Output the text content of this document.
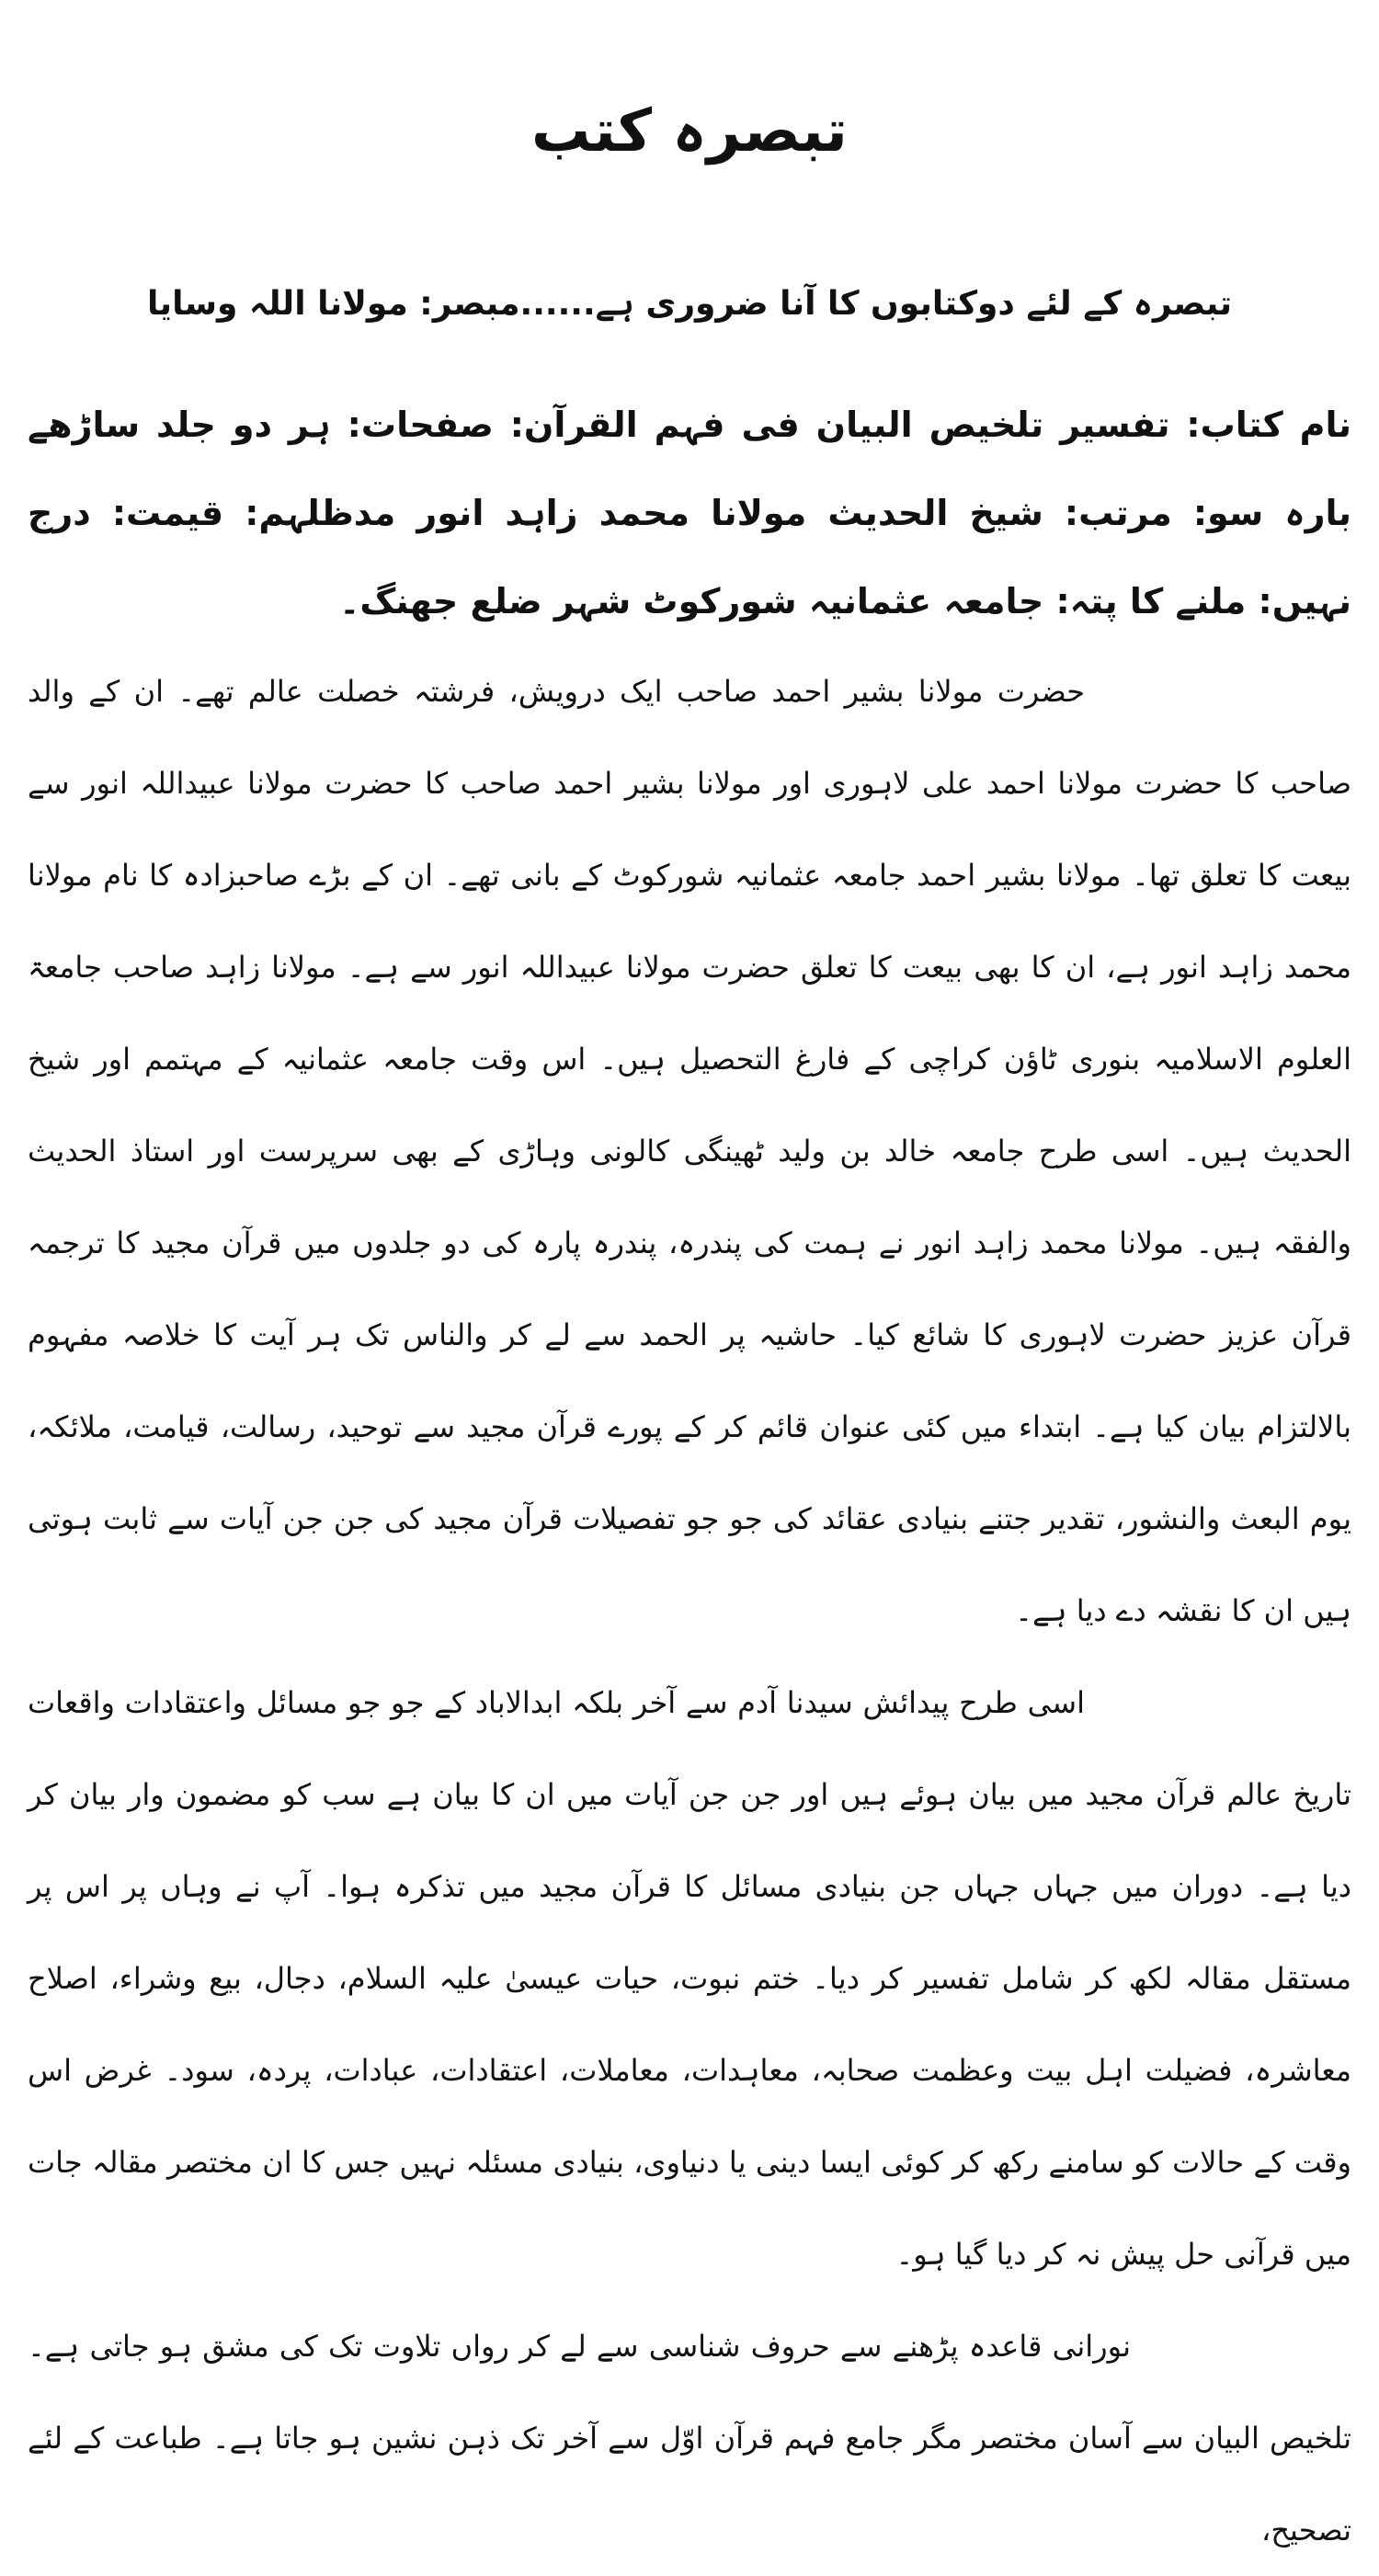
تبصرہ کتب
تبصرہ کے لئے دوکتابوں کا آنا ضروری ہے......مبصر: مولانا اللہ وسایا

نام کتاب: تفسیر تلخیص البیان فی فہم القرآن: صفحات: ہر دو جلد ساڑھے بارہ سو: مرتب: شیخ الحدیث مولانا محمد زاہد انور مدظلہم: قیمت: درج نہیں: ملنے کا پتہ: جامعہ عثمانیہ شورکوٹ شہر ضلع جھنگ۔

حضرت مولانا بشیر احمد صاحب ایک درویش، فرشتہ خصلت عالم تھے۔ ان کے والد صاحب کا حضرت مولانا احمد علی لاہوری اور مولانا بشیر احمد صاحب کا حضرت مولانا عبیداللہ انور سے بیعت کا تعلق تھا۔ مولانا بشیر احمد جامعہ عثمانیہ شورکوٹ کے بانی تھے۔ ان کے بڑے صاحبزادہ کا نام مولانا محمد زاہد انور ہے، ان کا بھی بیعت کا تعلق حضرت مولانا عبیداللہ انور سے ہے۔ مولانا زاہد صاحب جامعۃ العلوم الاسلامیہ بنوری ٹاؤن کراچی کے فارغ التحصیل ہیں۔ اس وقت جامعہ عثمانیہ کے مہتمم اور شیخ الحدیث ہیں۔ اسی طرح جامعہ خالد بن ولید ٹھینگی کالونی وہاڑی کے بھی سرپرست اور استاذ الحدیث والفقہ ہیں۔ مولانا محمد زاہد انور نے ہمت کی پندرہ، پندرہ پارہ کی دو جلدوں میں قرآن مجید کا ترجمہ قرآن عزیز حضرت لاہوری کا شائع کیا۔ حاشیہ پر الحمد سے لے کر والناس تک ہر آیت کا خلاصہ مفہوم بالالتزام بیان کیا ہے۔ ابتداء میں کئی عنوان قائم کر کے پورے قرآن مجید سے توحید، رسالت، قیامت، ملائکہ، یوم البعث والنشور، تقدیر جتنے بنیادی عقائد کی جو جو تفصیلات قرآن مجید کی جن جن آیات سے ثابت ہوتی ہیں ان کا نقشہ دے دیا ہے۔

اسی طرح پیدائش سیدنا آدم سے آخر بلکہ ابدالاباد کے جو جو مسائل واعتقادات واقعات تاریخ عالم قرآن مجید میں بیان ہوئے ہیں اور جن جن آیات میں ان کا بیان ہے سب کو مضمون وار بیان کر دیا ہے۔ دوران میں جہاں جہاں جن بنیادی مسائل کا قرآن مجید میں تذکرہ ہوا۔ آپ نے وہاں پر اس پر مستقل مقالہ لکھ کر شامل تفسیر کر دیا۔ ختم نبوت، حیات عیسیٰ علیہ السلام، دجال، بیع وشراء، اصلاح معاشرہ، فضیلت اہل بیت وعظمت صحابہ، معاہدات، معاملات، اعتقادات، عبادات، پردہ، سود۔ غرض اس وقت کے حالات کو سامنے رکھ کر کوئی ایسا دینی یا دنیاوی، بنیادی مسئلہ نہیں جس کا ان مختصر مقالہ جات میں قرآنی حل پیش نہ کر دیا گیا ہو۔

نورانی قاعدہ پڑھنے سے حروف شناسی سے لے کر رواں تلاوت تک کی مشق ہو جاتی ہے۔ تلخیص البیان سے آسان مختصر مگر جامع فہم قرآن اوّل سے آخر تک ذہن نشین ہو جاتا ہے۔ طباعت کے لئے تصحیح،
